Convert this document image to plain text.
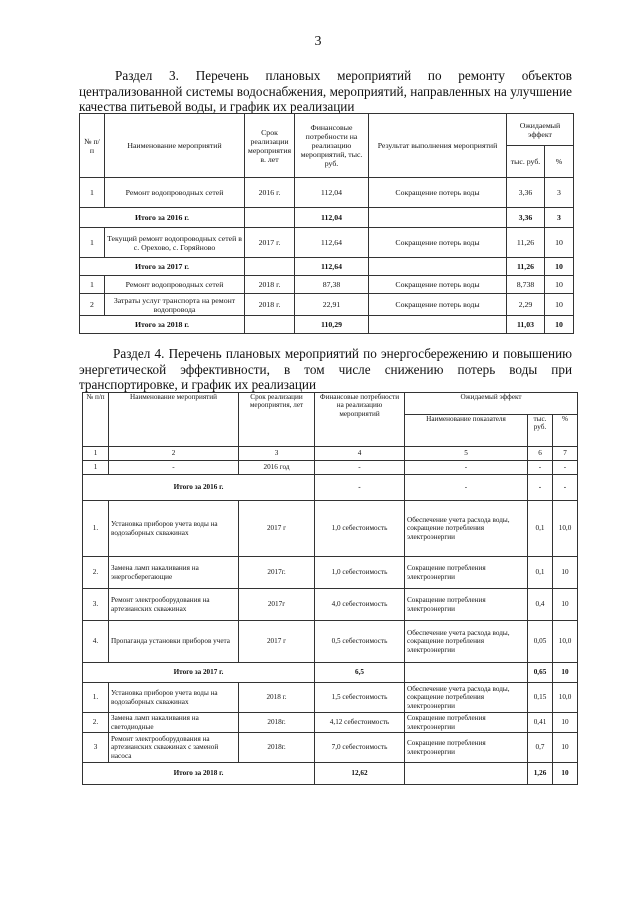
3
Раздел 3. Перечень плановых мероприятий по ремонту объектов централизованной системы водоснабжения, мероприятий, направленных на улучшение качества питьевой воды, и график их реализации
№ п/ п	Наименование мероприятий	Срок реализации мероприятия в. лет	Финансовые потребности на реализацию мероприятий, тыс. руб.	Результат выполнения мероприятий	Ожидаемый эффект	
					тыс. руб.	%
1	Ремонт водопроводных сетей	2016 г.	112,04	Сокращение потерь воды	3,36	3
Итого за 2016 г.			112,04		3,36	3
1	Текущий ремонт водопроводных сетей в с. Орехово, с. Горяйново	2017 г.	112,64	Сокращение потерь воды	11,26	10
Итого за 2017 г.			112,64		11,26	10
1	Ремонт водопроводных сетей	2018 г.	87,38	Сокращение потерь воды	8,738	10
2	Затраты услуг транспорта на ремонт водопровода	2018 г.	22,91	Сокращение потерь воды	2,29	10
Итого за 2018 г.			110,29		11,03	10
Раздел 4. Перечень плановых мероприятий по энергосбережению и повышению энергетической эффективности, в том числе снижению потерь воды при транспортировке, и график их реализации
№ п/п	Наименование мероприятий	Срок реализации мероприятия, лет	Финансовые потребности на реализацию мероприятий	Ожидаемый эффект		
				Наименование показателя	тыс. руб.	%
1	2	3	4	5	6	7
1	-	2016 год	-	-	-	-
Итого за 2016 г.			-	-	-	-
1.	Установка приборов учета воды на водозаборных скважинах	2017 г	1,0 себестоимость	Обеспечение учета расхода воды, сокращение потребления электроэнергии	0,1	10,0
2.	Замена ламп накаливания на энергосберегающие	2017г.	1,0 себестоимость	Сокращение потребления электроэнергии	0,1	10
3.	Ремонт электрооборудования на артезианских скважинах	2017г	4,0 себестоимость	Сокращение потребления электроэнергии	0,4	10
4.	Пропаганда установки приборов учета	2017 г	0,5 себестоимость	Обеспечение учета расхода воды, сокращение потребления электроэнергии	0,05	10,0
Итого за 2017 г.			6,5		0,65	10
1.	Установка приборов учета воды на водозаборных скважинах	2018 г.	1,5 себестоимость	Обеспечение учета расхода воды, сокращение потребления электроэнергии	0,15	10,0
2.	Замена ламп накаливания на светодиодные	2018г.	4,12 себестоимость	Сокращение потребления электроэнергии	0,41	10
3	Ремонт электрооборудования на артезианских скважинах с заменой насоса	2018г.	7,0 себестоимость	Сокращение потребления электроэнергии	0,7	10
Итого за 2018 г.			12,62		1,26	10
